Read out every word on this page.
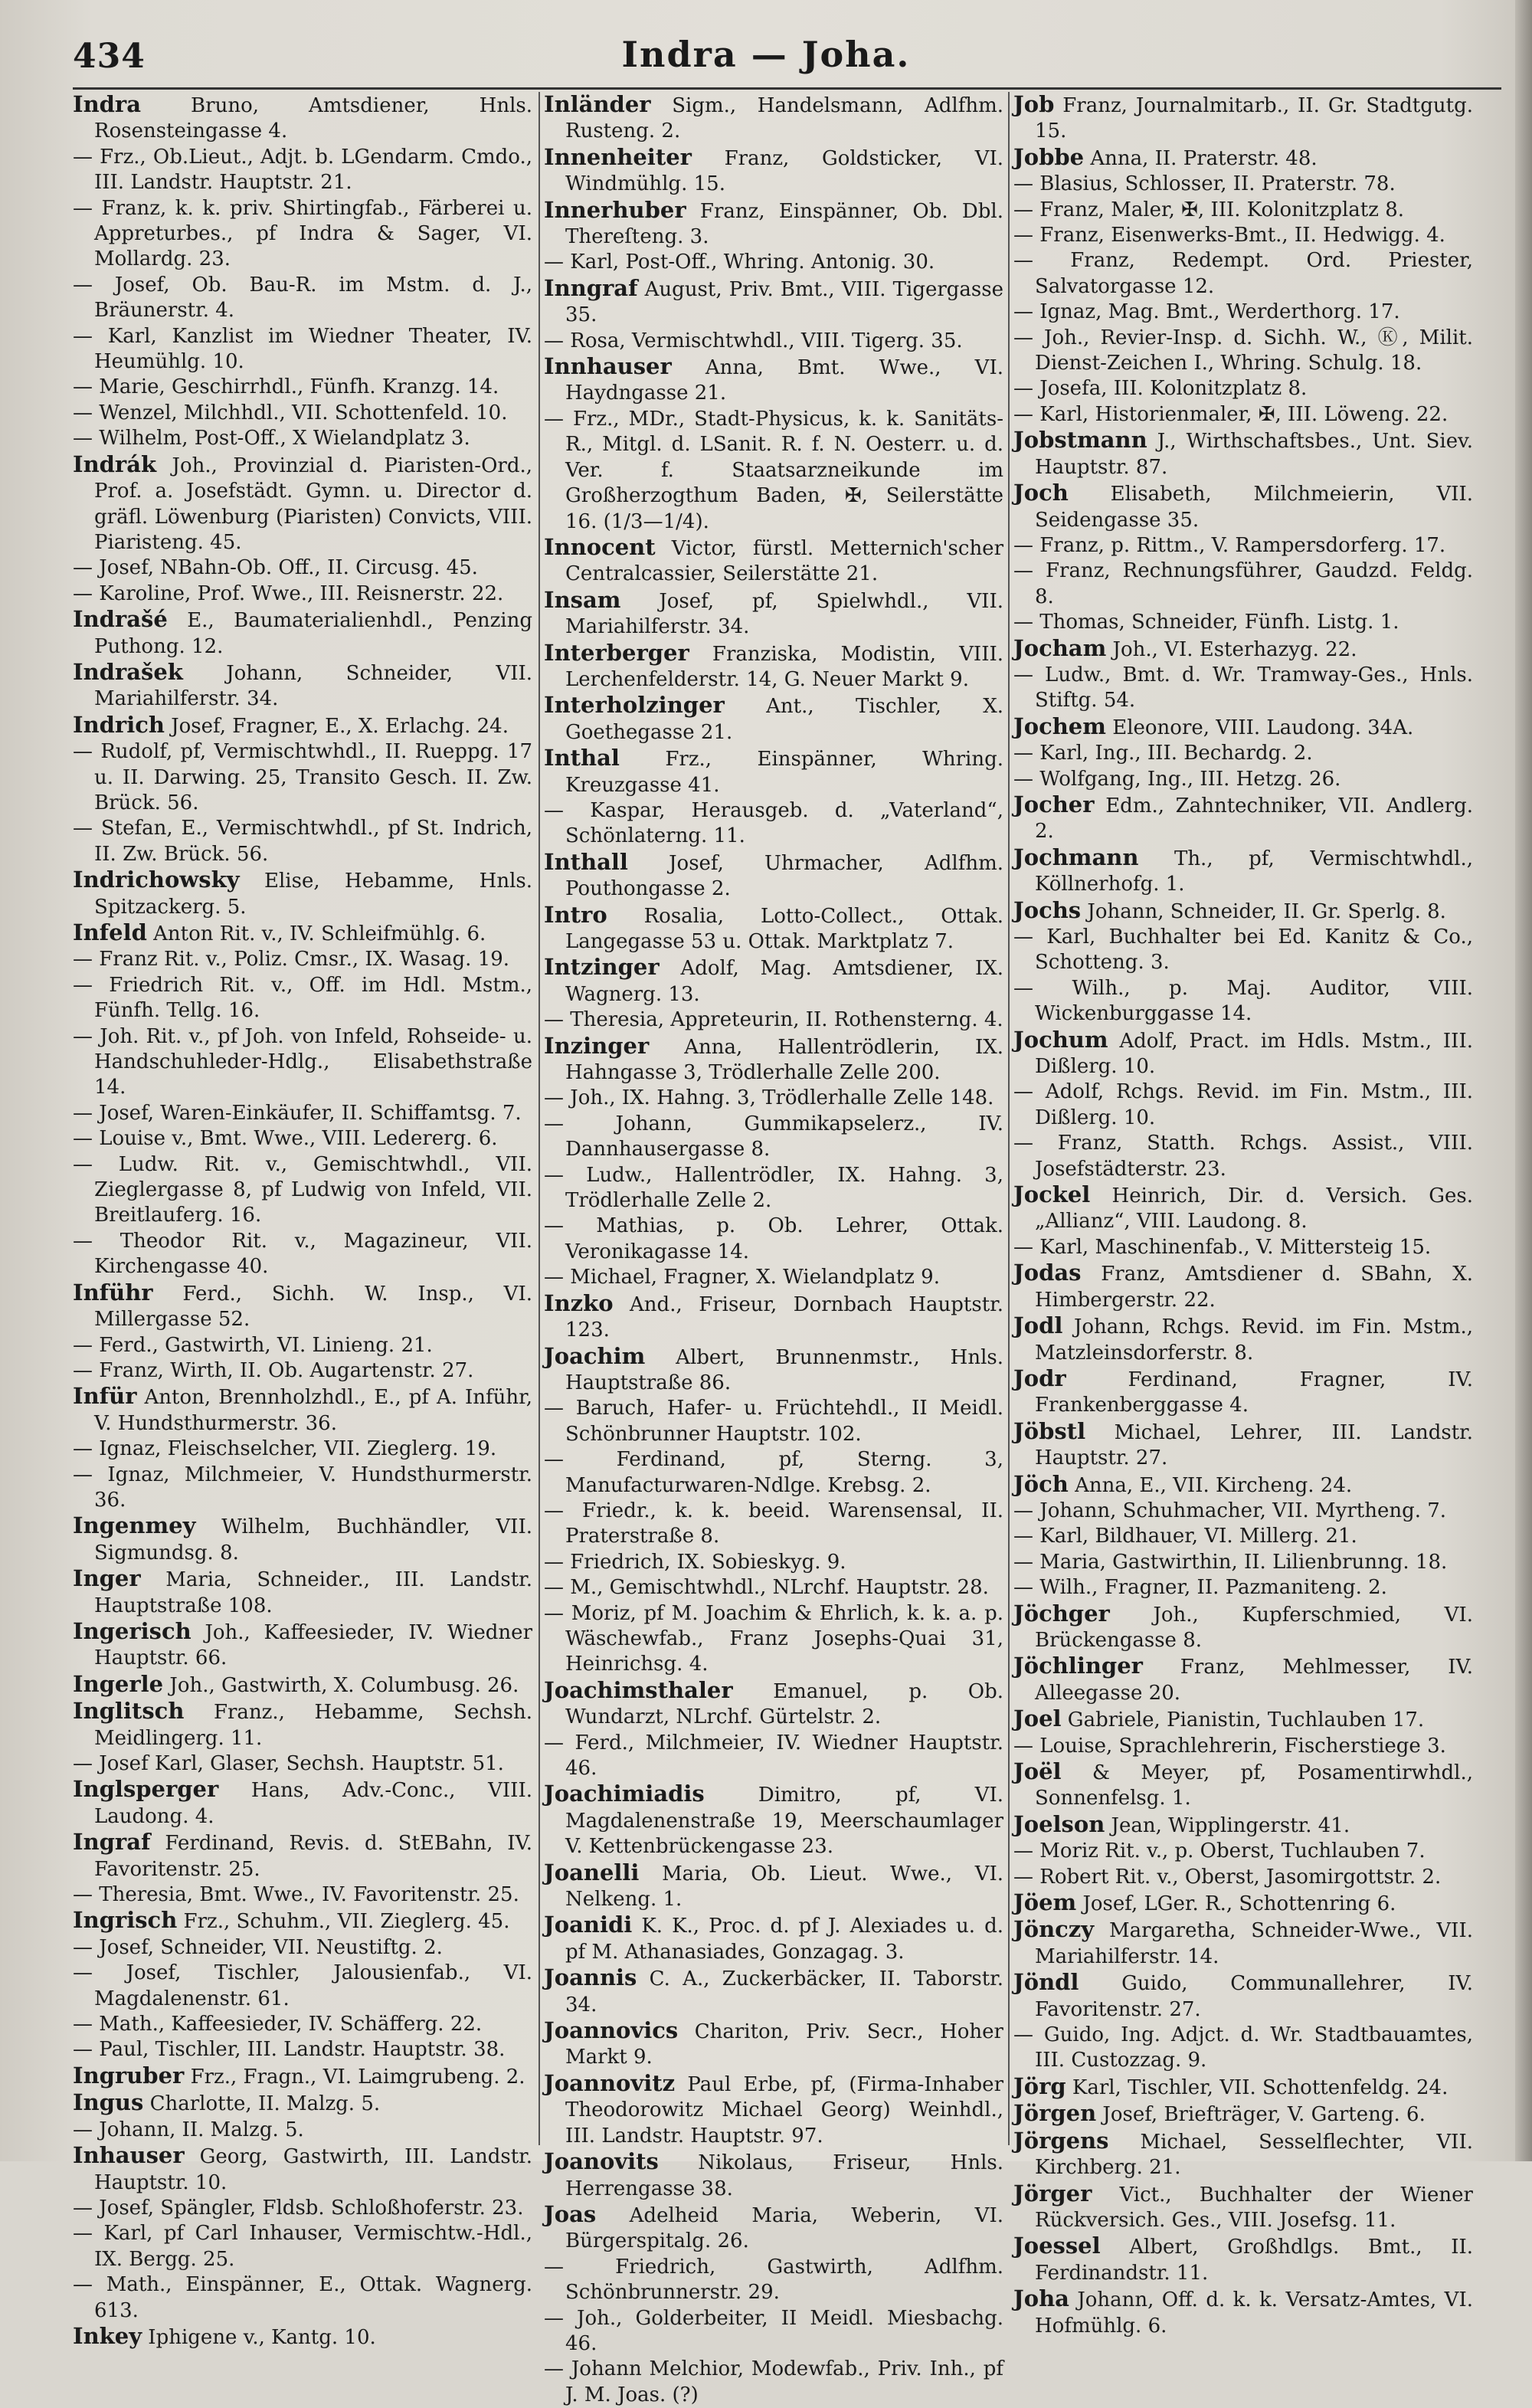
434	Indra — Joha.

Indra Bruno, Amtsdiener, Hnls. Rosensteingasse 4.

— Frz., Ob.Lieut., Adjt. b. LGendarm. Cmdo., III. Landstr. Hauptstr. 21.

— Franz, k. k. priv. Shirtingfab., Färberei u. Appreturbes., pf Indra & Sager, VI. Mollardg. 23.

— Josef, Ob. Bau-R. im Mstm. d. J., Bräunerstr. 4.

— Karl, Kanzlist im Wiedner Theater, IV. Heumühlg. 10.

— Marie, Geschirrhdl., Fünfh. Kranzg. 14.

— Wenzel, Milchhdl., VII. Schottenfeld. 10.

— Wilhelm, Post-Off., X Wielandplatz 3.

Indrák Joh., Provinzial d. Piaristen-Ord., Prof. a. Josefstädt. Gymn. u. Director d. gräfl. Löwenburg (Piaristen) Convicts, VIII. Piaristeng. 45.

— Josef, NBahn-Ob. Off., II. Circusg. 45.

— Karoline, Prof. Wwe., III. Reisnerstr. 22.

Indrašé E., Baumaterialienhdl., Penzing Puthong. 12.

Indrašek Johann, Schneider, VII. Mariahilferstr. 34.

Indrich Josef, Fragner, E., X. Erlachg. 24.

— Rudolf, pf, Vermischtwhdl., II. Rueppg. 17 u. II. Darwing. 25, Transito Gesch. II. Zw. Brück. 56.

— Stefan, E., Vermischtwhdl., pf St. Indrich, II. Zw. Brück. 56.

Indrichowsky Elise, Hebamme, Hnls. Spitzackerg. 5.

Infeld Anton Rit. v., IV. Schleifmühlg. 6.

— Franz Rit. v., Poliz. Cmsr., IX. Wasag. 19.

— Friedrich Rit. v., Off. im Hdl. Mstm., Fünfh. Tellg. 16.

— Joh. Rit. v., pf Joh. von Infeld, Rohseide- u. Handschuhleder-Hdlg., Elisabethstraße 14.

— Josef, Waren-Einkäufer, II. Schiffamtsg. 7.

— Louise v., Bmt. Wwe., VIII. Ledererg. 6.

— Ludw. Rit. v., Gemischtwhdl., VII. Zieglergasse 8, pf Ludwig von Infeld, VII. Breitlauferg. 16.

— Theodor Rit. v., Magazineur, VII. Kirchengasse 40.

Inführ Ferd., Sichh. W. Insp., VI. Millergasse 52.

— Ferd., Gastwirth, VI. Linieng. 21.

— Franz, Wirth, II. Ob. Augartenstr. 27.

Infür Anton, Brennholzhdl., E., pf A. Inführ, V. Hundsthurmerstr. 36.

— Ignaz, Fleischselcher, VII. Zieglerg. 19.

— Ignaz, Milchmeier, V. Hundsthurmerstr. 36.

Ingenmey Wilhelm, Buchhändler, VII. Sigmundsg. 8.

Inger Maria, Schneider., III. Landstr. Hauptstraße 108.

Ingerisch Joh., Kaffeesieder, IV. Wiedner Hauptstr. 66.

Ingerle Joh., Gastwirth, X. Columbusg. 26.

Inglitsch Franz., Hebamme, Sechsh. Meidlingerg. 11.

— Josef Karl, Glaser, Sechsh. Hauptstr. 51.

Inglsperger Hans, Adv.-Conc., VIII. Laudong. 4.

Ingraf Ferdinand, Revis. d. StEBahn, IV. Favoritenstr. 25.

— Theresia, Bmt. Wwe., IV. Favoritenstr. 25.

Ingrisch Frz., Schuhm., VII. Zieglerg. 45.

— Josef, Schneider, VII. Neustiftg. 2.

— Josef, Tischler, Jalousienfab., VI. Magdalenenstr. 61.

— Math., Kaffeesieder, IV. Schäfferg. 22.

— Paul, Tischler, III. Landstr. Hauptstr. 38.

Ingruber Frz., Fragn., VI. Laimgrubeng. 2.

Ingus Charlotte, II. Malzg. 5.

— Johann, II. Malzg. 5.

Inhauser Georg, Gastwirth, III. Landstr. Hauptstr. 10.

— Josef, Spängler, Fldsb. Schloßhoferstr. 23.

— Karl, pf Carl Inhauser, Vermischtw.-Hdl., IX. Bergg. 25.

— Math., Einspänner, E., Ottak. Wagnerg. 613.

Inkey Iphigene v., Kantg. 10.

Inländer Sigm., Handelsmann, Adlfhm. Rusteng. 2.

Innenheiter Franz, Goldsticker, VI. Windmühlg. 15.

Innerhuber Franz, Einspänner, Ob. Dbl. Thereſteng. 3.

— Karl, Post-Off., Whring. Antonig. 30.

Inngraf August, Priv. Bmt., VIII. Tigergasse 35.

— Rosa, Vermischtwhdl., VIII. Tigerg. 35.

Innhauser Anna, Bmt. Wwe., VI. Haydngasse 21.

— Frz., MDr., Stadt-Physicus, k. k. Sanitäts-R., Mitgl. d. LSanit. R. f. N. Oesterr. u. d. Ver. f. Staatsarzneikunde im Großherzogthum Baden, ✠, Seilerstätte 16. (1/3—1/4).

Innocent Victor, fürstl. Metternich'scher Centralcassier, Seilerstätte 21.

Insam Josef, pf, Spielwhdl., VII. Mariahilferstr. 34.

Interberger Franziska, Modistin, VIII. Lerchenfelderstr. 14, G. Neuer Markt 9.

Interholzinger Ant., Tischler, X. Goethegasse 21.

Inthal Frz., Einspänner, Whring. Kreuzgasse 41.

— Kaspar, Herausgeb. d. „Vaterland“, Schönlaterng. 11.

Inthall Josef, Uhrmacher, Adlfhm. Pouthongasse 2.

Intro Rosalia, Lotto-Collect., Ottak. Langegasse 53 u. Ottak. Marktplatz 7.

Intzinger Adolf, Mag. Amtsdiener, IX. Wagnerg. 13.

— Theresia, Appreteurin, II. Rothensterng. 4.

Inzinger Anna, Hallentrödlerin, IX. Hahngasse 3, Trödlerhalle Zelle 200.

— Joh., IX. Hahng. 3, Trödlerhalle Zelle 148.

— Johann, Gummikapselerz., IV. Dannhausergasse 8.

— Ludw., Hallentrödler, IX. Hahng. 3, Trödlerhalle Zelle 2.

— Mathias, p. Ob. Lehrer, Ottak. Veronikagasse 14.

— Michael, Fragner, X. Wielandplatz 9.

Inzko And., Friseur, Dornbach Hauptstr. 123.

Joachim Albert, Brunnenmstr., Hnls. Hauptstraße 86.

— Baruch, Hafer- u. Früchtehdl., II Meidl. Schönbrunner Hauptstr. 102.

— Ferdinand, pf, Sterng. 3, Manufacturwaren-Ndlge. Krebsg. 2.

— Friedr., k. k. beeid. Warensensal, II. Praterstraße 8.

— Friedrich, IX. Sobieskyg. 9.

— M., Gemischtwhdl., NLrchf. Hauptstr. 28.

— Moriz, pf M. Joachim & Ehrlich, k. k. a. p. Wäschewfab., Franz Josephs-Quai 31, Heinrichsg. 4.

Joachimsthaler Emanuel, p. Ob. Wundarzt, NLrchf. Gürtelstr. 2.

— Ferd., Milchmeier, IV. Wiedner Hauptstr. 46.

Joachimiadis Dimitro, pf, VI. Magdalenenstraße 19, Meerschaumlager V. Kettenbrückengasse 23.

Joanelli Maria, Ob. Lieut. Wwe., VI. Nelkeng. 1.

Joanidi K. K., Proc. d. pf J. Alexiades u. d. pf M. Athanasiades, Gonzagag. 3.

Joannis C. A., Zuckerbäcker, II. Taborstr. 34.

Joannovics Chariton, Priv. Secr., Hoher Markt 9.

Joannovitz Paul Erbe, pf, (Firma-Inhaber Theodorowitz Michael Georg) Weinhdl., III. Landstr. Hauptstr. 97.

Joanovits Nikolaus, Friseur, Hnls. Herrengasse 38.

Joas Adelheid Maria, Weberin, VI. Bürgerspitalg. 26.

— Friedrich, Gastwirth, Adlfhm. Schönbrunnerstr. 29.

— Joh., Golderbeiter, II Meidl. Miesbachg. 46.

— Johann Melchior, Modewfab., Priv. Inh., pf J. M. Joas. (?)

Job Franz, Journalmitarb., II. Gr. Stadtgutg. 15.

Jobbe Anna, II. Praterstr. 48.

— Blasius, Schlosser, II. Praterstr. 78.

— Franz, Maler, ✠, III. Kolonitzplatz 8.

— Franz, Eisenwerks-Bmt., II. Hedwigg. 4.

— Franz, Redempt. Ord. Priester, Salvatorgasse 12.

— Ignaz, Mag. Bmt., Werderthorg. 17.

— Joh., Revier-Insp. d. Sichh. W., Ⓚ, Milit. Dienst-Zeichen I., Whring. Schulg. 18.

— Josefa, III. Kolonitzplatz 8.

— Karl, Historienmaler, ✠, III. Löweng. 22.

Jobstmann J., Wirthschaftsbes., Unt. Siev. Hauptstr. 87.

Joch Elisabeth, Milchmeierin, VII. Seidengasse 35.

— Franz, p. Rittm., V. Rampersdorferg. 17.

— Franz, Rechnungsführer, Gaudzd. Feldg. 8.

— Thomas, Schneider, Fünfh. Listg. 1.

Jocham Joh., VI. Esterhazyg. 22.

— Ludw., Bmt. d. Wr. Tramway-Ges., Hnls. Stiftg. 54.

Jochem Eleonore, VIII. Laudong. 34A.

— Karl, Ing., III. Bechardg. 2.

— Wolfgang, Ing., III. Hetzg. 26.

Jocher Edm., Zahntechniker, VII. Andlerg. 2.

Jochmann Th., pf, Vermischtwhdl., Köllnerhofg. 1.

Jochs Johann, Schneider, II. Gr. Sperlg. 8.

— Karl, Buchhalter bei Ed. Kanitz & Co., Schotteng. 3.

— Wilh., p. Maj. Auditor, VIII. Wickenburggasse 14.

Jochum Adolf, Pract. im Hdls. Mstm., III. Dißlerg. 10.

— Adolf, Rchgs. Revid. im Fin. Mstm., III. Dißlerg. 10.

— Franz, Statth. Rchgs. Assist., VIII. Josefstädterstr. 23.

Jockel Heinrich, Dir. d. Versich. Ges. „Allianz“, VIII. Laudong. 8.

— Karl, Maschinenfab., V. Mittersteig 15.

Jodas Franz, Amtsdiener d. SBahn, X. Himbergerstr. 22.

Jodl Johann, Rchgs. Revid. im Fin. Mstm., Matzleinsdorferstr. 8.

Jodr Ferdinand, Fragner, IV. Frankenberggasse 4.

Jöbstl Michael, Lehrer, III. Landstr. Hauptstr. 27.

Jöch Anna, E., VII. Kircheng. 24.

— Johann, Schuhmacher, VII. Myrtheng. 7.

— Karl, Bildhauer, VI. Millerg. 21.

— Maria, Gastwirthin, II. Lilienbrunng. 18.

— Wilh., Fragner, II. Pazmaniteng. 2.

Jöchger Joh., Kupferschmied, VI. Brückengasse 8.

Jöchlinger Franz, Mehlmesser, IV. Alleegasse 20.

Joel Gabriele, Pianistin, Tuchlauben 17.

— Louise, Sprachlehrerin, Fischerstiege 3.

Joël & Meyer, pf, Posamentirwhdl., Sonnenfelsg. 1.

Joelson Jean, Wipplingerstr. 41.

— Moriz Rit. v., p. Oberst, Tuchlauben 7.

— Robert Rit. v., Oberst, Jasomirgottstr. 2.

Jöem Josef, LGer. R., Schottenring 6.

Jönczy Margaretha, Schneider-Wwe., VII. Mariahilferstr. 14.

Jöndl Guido, Communallehrer, IV. Favoritenstr. 27.

— Guido, Ing. Adjct. d. Wr. Stadtbauamtes, III. Custozzag. 9.

Jörg Karl, Tischler, VII. Schottenfeldg. 24.

Jörgen Josef, Briefträger, V. Garteng. 6.

Jörgens Michael, Sesselflechter, VII. Kirchberg. 21.

Jörger Vict., Buchhalter der Wiener Rückversich. Ges., VIII. Josefsg. 11.

Joessel Albert, Großhdlgs. Bmt., II. Ferdinandstr. 11.

Joha Johann, Off. d. k. k. Versatz-Amtes, VI. Hofmühlg. 6.
